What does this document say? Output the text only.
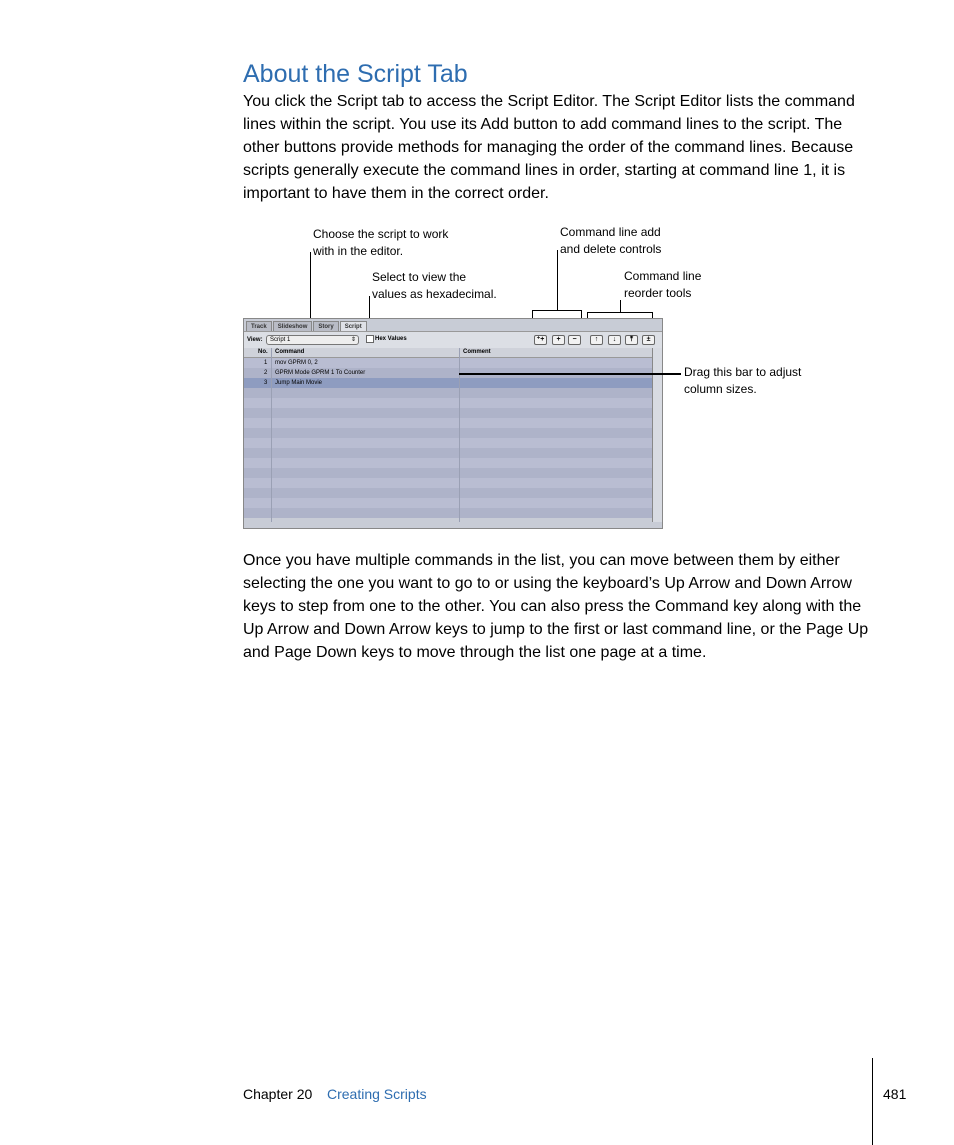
About the Script Tab
You click the Script tab to access the Script Editor. The Script Editor lists the command lines within the script. You use its Add button to add command lines to the script. The other buttons provide methods for managing the order of the command lines. Because scripts generally execute the command lines in order, starting at command line 1, it is important to have them in the correct order.
Choose the script to work
with in the editor.
Select to view the
values as hexadecimal.
Command line add
and delete controls
Command line
reorder tools
Drag this bar to adjust
column sizes.
Track	Slideshow	Story	Script
View:	Script 1	⇕	Hex Values	⁺+	+	−	↑	↓	⤒	±
No. Command	Comment
1 mov GPRM 0, 2
2 GPRM Mode GPRM 1 To Counter
3 Jump Main Movie
Once you have multiple commands in the list, you can move between them by either selecting the one you want to go to or using the keyboard’s Up Arrow and Down Arrow keys to step from one to the other. You can also press the Command key along with the Up Arrow and Down Arrow keys to jump to the first or last command line, or the Page Up and Page Down keys to move through the list one page at a time.
Chapter 20 Creating Scripts	481
